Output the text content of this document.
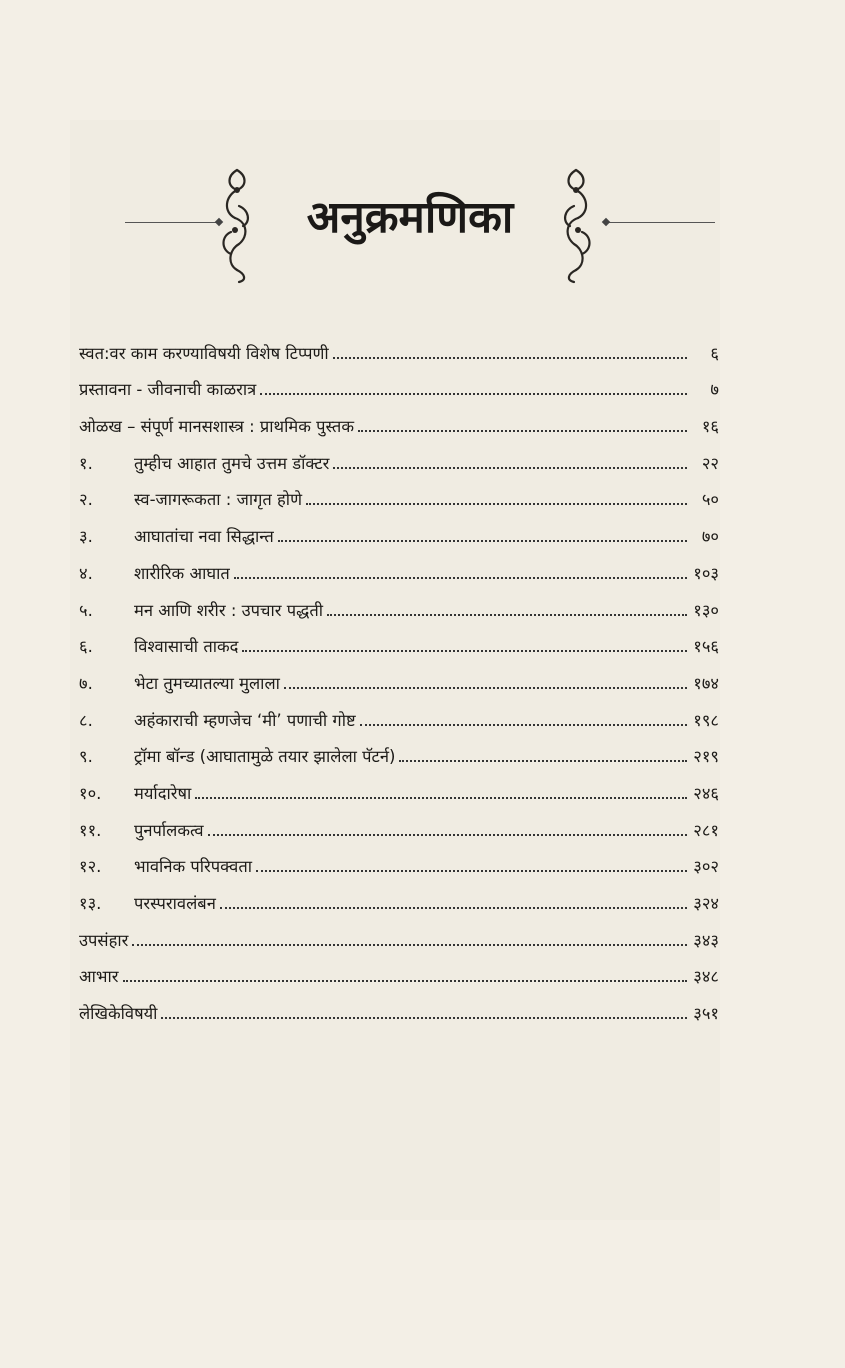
अनुक्रमणिका
स्वत:वर काम करण्याविषयी विशेष टिप्पणी	६
प्रस्तावना - जीवनाची काळरात्र	७
ओळख – संपूर्ण मानसशास्त्र : प्राथमिक पुस्तक	१६
१.	तुम्हीच आहात तुमचे उत्तम डॉक्टर	२२
२.	स्व-जागरूकता : जागृत होणे	५०
३.	आघातांचा नवा सिद्धान्त	७०
४.	शारीरिक आघात	१०३
५.	मन आणि शरीर : उपचार पद्धती	१३०
६.	विश्वासाची ताकद	१५६
७.	भेटा तुमच्यातल्या मुलाला	१७४
८.	अहंकाराची म्हणजेच ‘मी’ पणाची गोष्ट	१९८
९.	ट्रॉमा बॉन्ड (आघातामुळे तयार झालेला पॅटर्न)	२१९
१०.	मर्यादारेषा	२४६
११.	पुनर्पालकत्व	२८१
१२.	भावनिक परिपक्वता	३०२
१३.	परस्परावलंबन	३२४
उपसंहार	३४३
आभार	३४८
लेखिकेविषयी	३५१
